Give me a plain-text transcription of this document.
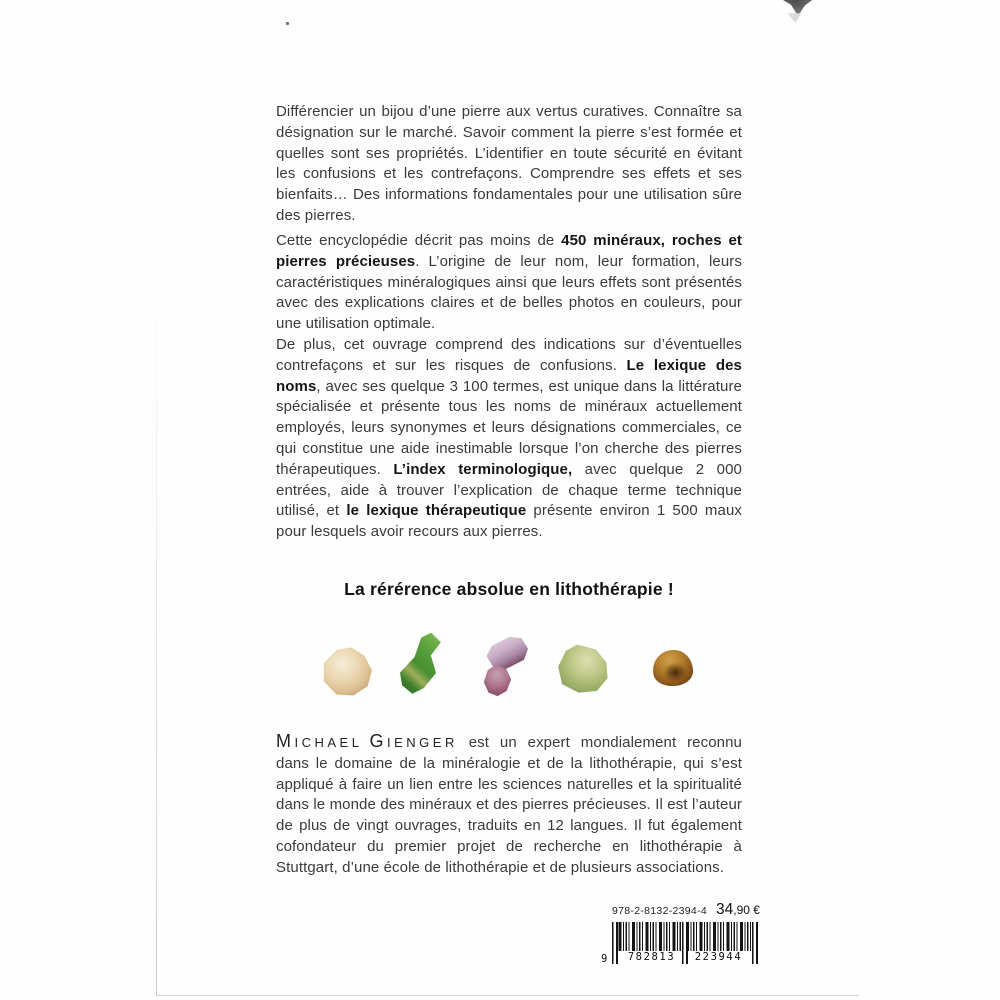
Différencier un bijou d’une pierre aux vertus curatives. Connaître sa désignation sur le marché. Savoir comment la pierre s’est formée et quelles sont ses propriétés. L’identifier en toute sécurité en évitant les confusions et les contrefaçons. Comprendre ses effets et ses bienfaits… Des informations fondamentales pour une utilisation sûre des pierres.

Cette encyclopédie décrit pas moins de 450 minéraux, roches et pierres précieuses. L’origine de leur nom, leur formation, leurs caractéristiques minéralogiques ainsi que leurs effets sont présentés avec des explications claires et de belles photos en couleurs, pour une utilisation optimale.

De plus, cet ouvrage comprend des indications sur d’éventuelles contrefaçons et sur les risques de confusions. Le lexique des noms, avec ses quelque 3 100 termes, est unique dans la littérature spécialisée et présente tous les noms de minéraux actuellement employés, leurs synonymes et leurs désignations commerciales, ce qui constitue une aide inestimable lorsque l’on cherche des pierres thérapeutiques. L’index terminologique, avec quelque 2 000 entrées, aide à trouver l’explication de chaque terme technique utilisé, et le lexique thérapeutique présente environ 1 500 maux pour lesquels avoir recours aux pierres.

La rérérence absolue en lithothérapie !

MICHAEL GIENGER est un expert mondialement reconnu dans le domaine de la minéralogie et de la lithothérapie, qui s’est appliqué à faire un lien entre les sciences naturelles et la spiritualité dans le monde des minéraux et des pierres précieuses. Il est l’auteur de plus de vingt ouvrages, traduits en 12 langues. Il fut également cofondateur du premier projet de recherche en lithothérapie à Stuttgart, d’une école de lithothérapie et de plusieurs associations.

978-2-8132-2394-4 34,90 €
782813	223944
9
